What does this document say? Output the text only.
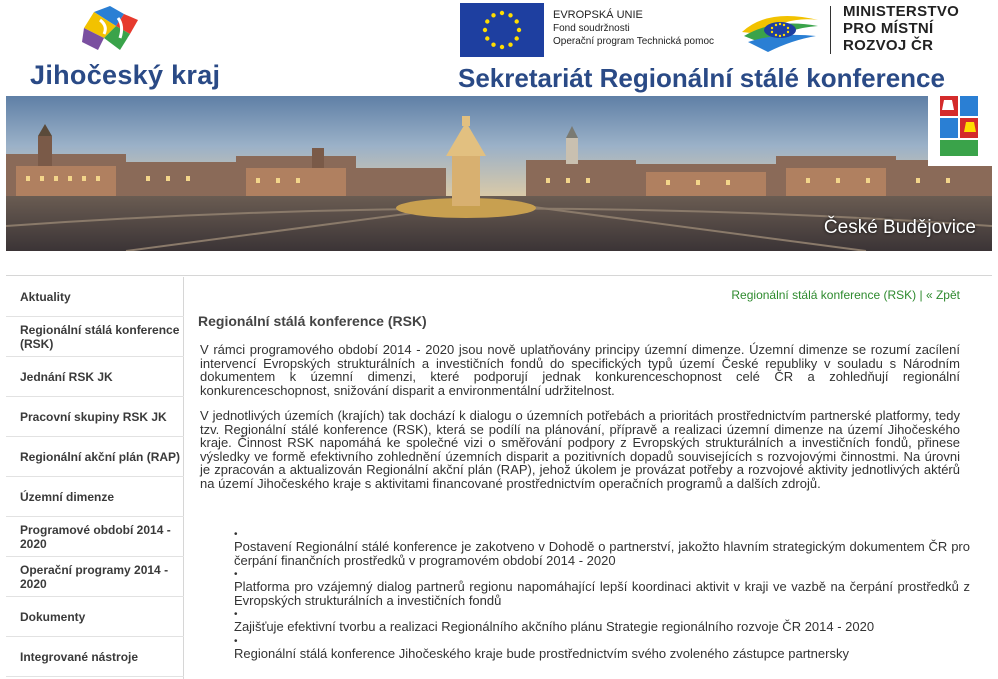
Jihočeský kraj
EVROPSKÁ UNIE
Fond soudržnosti
Operační program Technická pomoc
MINISTERSTVO
PRO MÍSTNÍ
ROZVOJ ČR
Sekretariát Regionální stálé konference
České Budějovice
Aktuality
Regionální stálá konference (RSK)
Jednání RSK JK
Pracovní skupiny RSK JK
Regionální akční plán (RAP)
Územní dimenze
Programové období 2014 - 2020
Operační programy 2014 - 2020
Dokumenty
Integrované nástroje
Regionální stálá konference (RSK) | « Zpět
Regionální stálá konference (RSK)

V rámci programového období 2014 - 2020 jsou nově uplatňovány principy územní dimenze. Územní dimenze se rozumí zacílení intervencí Evropských strukturálních a investičních fondů do specifických typů území České republiky v souladu s Národním dokumentem k územní dimenzi, které podporují jednak konkurenceschopnost celé ČR a zohledňují regionální konkurenceschopnost, snižování disparit a environmentální udržitelnost.

V jednotlivých územích (krajích) tak dochází k dialogu o územních potřebách a prioritách prostřednictvím partnerské platformy, tedy tzv. Regionální stálé konference (RSK), která se podílí na plánování, přípravě a realizaci územní dimenze na území Jihočeského kraje. Činnost RSK napomáhá ke společné vizi o směřování podpory z Evropských strukturálních a investičních fondů, přinese výsledky ve formě efektivního zohlednění územních disparit a pozitivních dopadů souvisejících s rozvojovými činnostmi. Na úrovni je zpracován a aktualizován Regionální akční plán (RAP), jehož úkolem je provázat potřeby a rozvojové aktivity jednotlivých aktérů na území Jihočeského kraje s aktivitami financované prostřednictvím operačních programů a dalších zdrojů.

•
Postavení Regionální stálé konference je zakotveno v Dohodě o partnerství, jakožto hlavním strategickým dokumentem ČR pro čerpání finančních prostředků v programovém období 2014 - 2020
•
Platforma pro vzájemný dialog partnerů regionu napomáhající lepší koordinaci aktivit v kraji ve vazbě na čerpání prostředků z Evropských strukturálních a investičních fondů
•
Zajišťuje efektivní tvorbu a realizaci Regionálního akčního plánu Strategie regionálního rozvoje ČR 2014 - 2020
•
Regionální stálá konference Jihočeského kraje bude prostřednictvím svého zvoleného zástupce partnersky
